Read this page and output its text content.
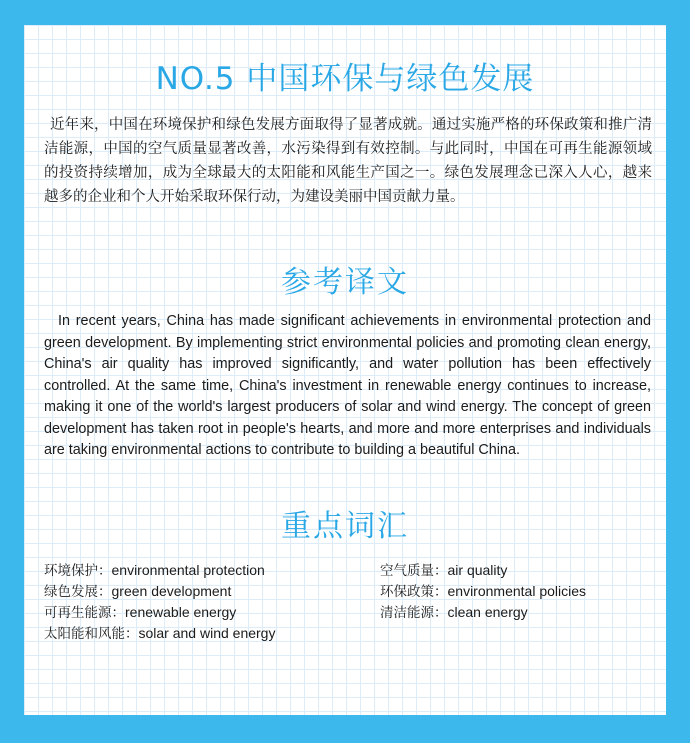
NO.5 中国环保与绿色发展

近年来，中国在环境保护和绿色发展方面取得了显著成就。通过实施严格的环保政策和推广清洁能源，中国的空气质量显著改善，水污染得到有效控制。与此同时，中国在可再生能源领域的投资持续增加，成为全球最大的太阳能和风能生产国之一。绿色发展理念已深入人心，越来越多的企业和个人开始采取环保行动，为建设美丽中国贡献力量。

参考译文

In recent years, China has made significant achievements in environmental protection and green development. By implementing strict environmental policies and promoting clean energy, China's air quality has improved significantly, and water pollution has been effectively controlled. At the same time, China's investment in renewable energy continues to increase, making it one of the world's largest producers of solar and wind energy. The concept of green development has taken root in people's hearts, and more and more enterprises and individuals are taking environmental actions to contribute to building a beautiful China.

重点词汇
环境保护：environmental protection
绿色发展：green development
可再生能源：renewable energy
太阳能和风能：solar and wind energy
空气质量：air quality
环保政策：environmental policies
清洁能源：clean energy
